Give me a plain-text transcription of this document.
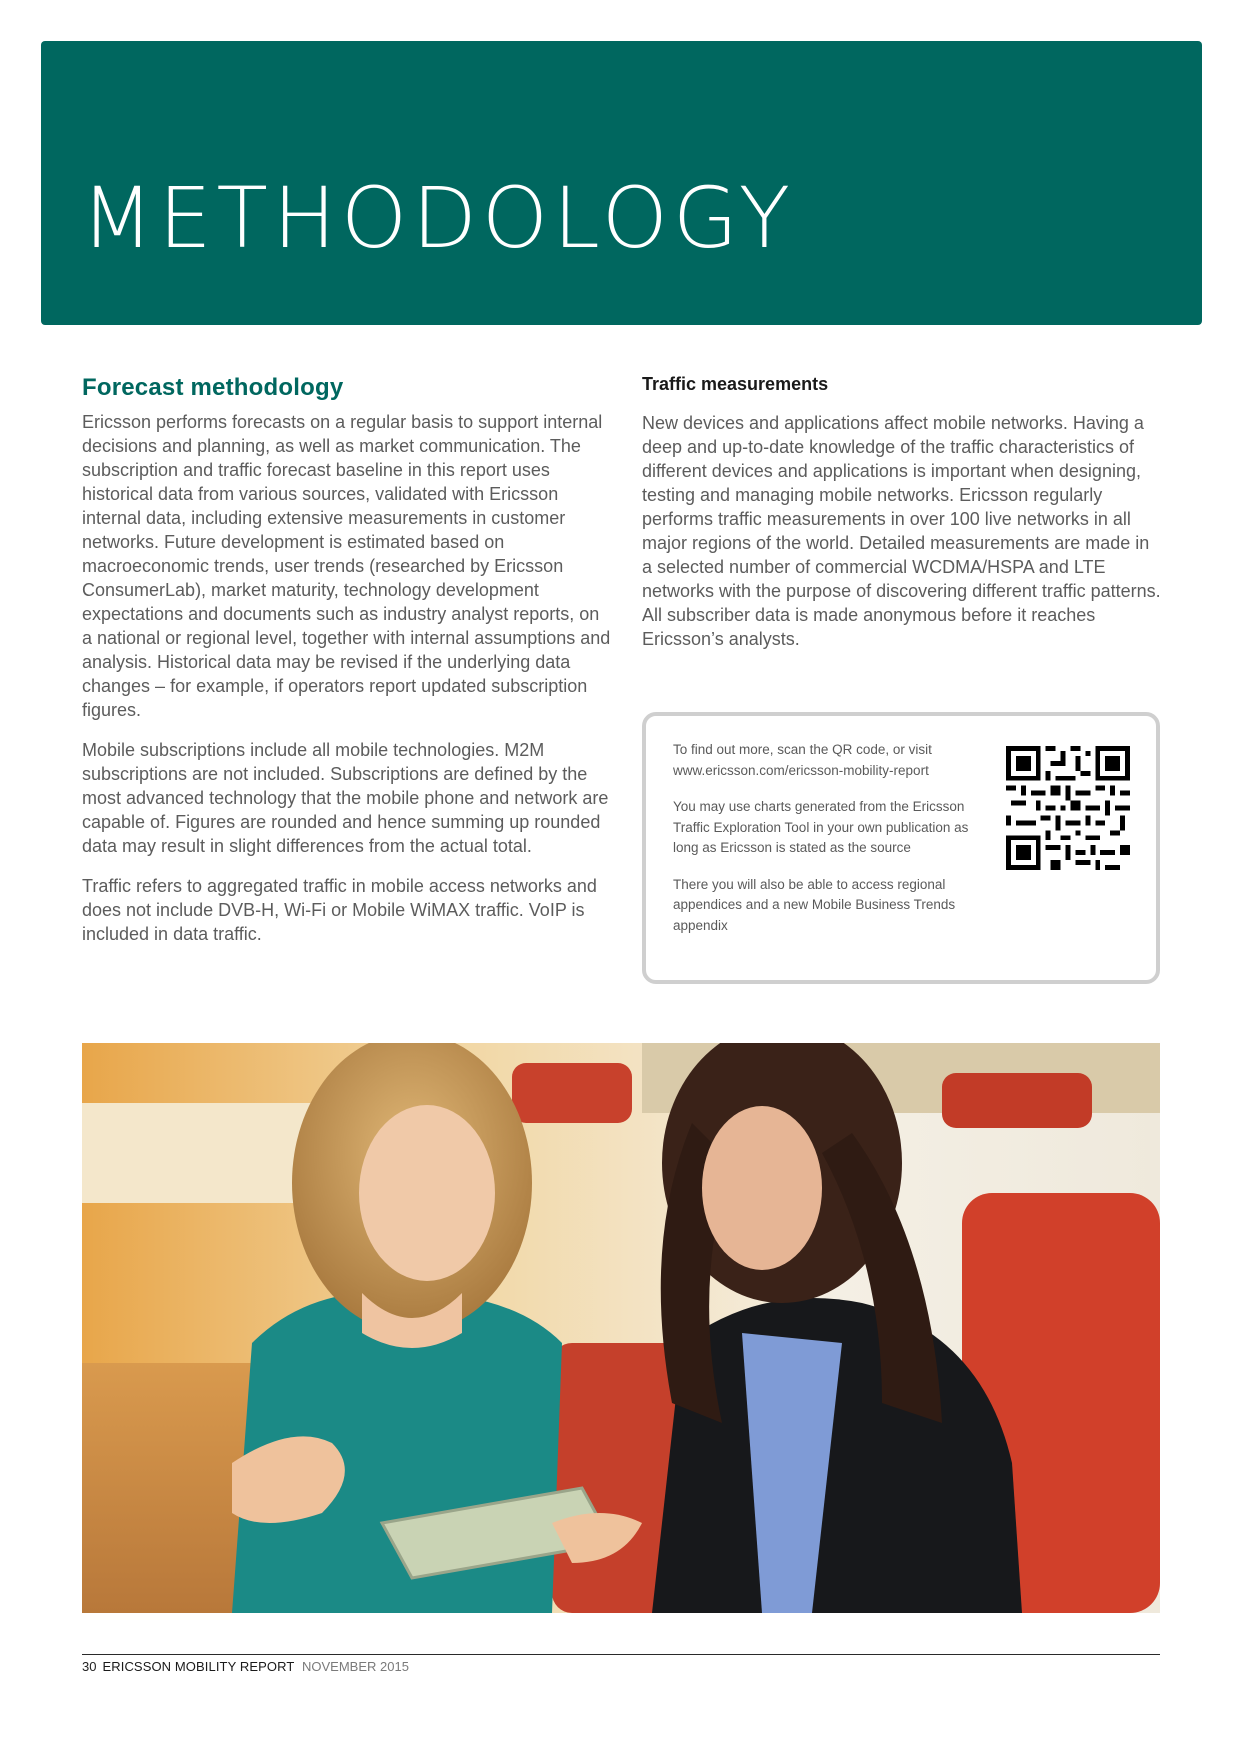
METHODOLOGY
Forecast methodology

Ericsson performs forecasts on a regular basis to support internal decisions and planning, as well as market communication. The subscription and traffic forecast baseline in this report uses historical data from various sources, validated with Ericsson internal data, including extensive measurements in customer networks. Future development is estimated based on macroeconomic trends, user trends (researched by Ericsson ConsumerLab), market maturity, technology development expectations and documents such as industry analyst reports, on a national or regional level, together with internal assumptions and analysis. Historical data may be revised if the underlying data changes – for example, if operators report updated subscription figures.

Mobile subscriptions include all mobile technologies. M2M subscriptions are not included. Subscriptions are defined by the most advanced technology that the mobile phone and network are capable of. Figures are rounded and hence summing up rounded data may result in slight differences from the actual total.

Traffic refers to aggregated traffic in mobile access networks and does not include DVB-H, Wi-Fi or Mobile WiMAX traffic. VoIP is included in data traffic.

Traffic measurements

New devices and applications affect mobile networks. Having a deep and up-to-date knowledge of the traffic characteristics of different devices and applications is important when designing, testing and managing mobile networks. Ericsson regularly performs traffic measurements in over 100 live networks in all major regions of the world. Detailed measurements are made in a selected number of commercial WCDMA/HSPA and LTE networks with the purpose of discovering different traffic patterns. All subscriber data is made anonymous before it reaches Ericsson’s analysts.

To find out more, scan the QR code, or visit www.ericsson.com/ericsson-mobility-report

You may use charts generated from the Ericsson Traffic Exploration Tool in your own publication as long as Ericsson is stated as the source

There you will also be able to access regional appendices and a new Mobile Business Trends appendix

30 ERICSSON MOBILITY REPORT NOVEMBER 2015
